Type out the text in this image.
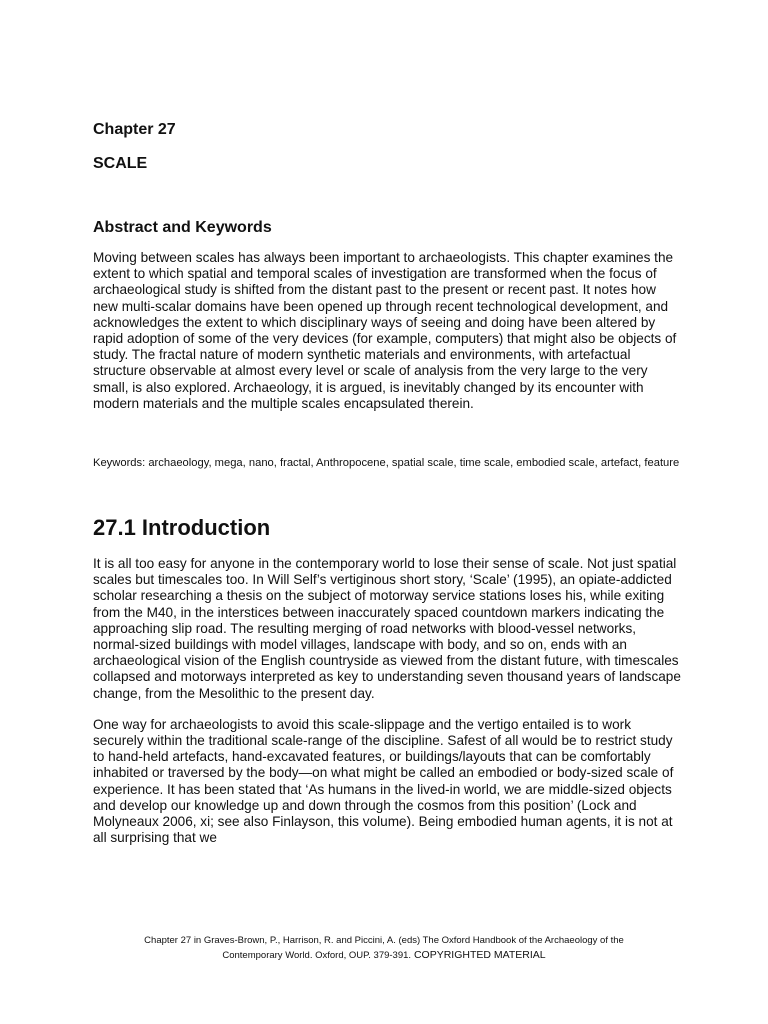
Chapter 27
SCALE
Abstract and Keywords

Moving between scales has always been important to archaeologists. This chapter examines the extent to which spatial and temporal scales of investigation are transformed when the focus of archaeological study is shifted from the distant past to the present or recent past. It notes how new multi-scalar domains have been opened up through recent technological development, and acknowledges the extent to which disciplinary ways of seeing and doing have been altered by rapid adoption of some of the very devices (for example, computers) that might also be objects of study. The fractal nature of modern synthetic materials and environments, with artefactual structure observable at almost every level or scale of analysis from the very large to the very small, is also explored. Archaeology, it is argued, is inevitably changed by its encounter with modern materials and the multiple scales encapsulated therein.

Keywords: archaeology, mega, nano, fractal, Anthropocene, spatial scale, time scale, embodied scale, artefact, feature

27.1 Introduction

It is all too easy for anyone in the contemporary world to lose their sense of scale. Not just spatial scales but timescales too. In Will Self’s vertiginous short story, ‘Scale’ (1995), an opiate-addicted scholar researching a thesis on the subject of motorway service stations loses his, while exiting from the M40, in the interstices between inaccurately spaced countdown markers indicating the approaching slip road. The resulting merging of road networks with blood-vessel networks, normal-sized buildings with model villages, landscape with body, and so on, ends with an archaeological vision of the English countryside as viewed from the distant future, with timescales collapsed and motorways interpreted as key to understanding seven thousand years of landscape change, from the Mesolithic to the present day.

One way for archaeologists to avoid this scale-slippage and the vertigo entailed is to work securely within the traditional scale-range of the discipline. Safest of all would be to restrict study to hand-held artefacts, hand-excavated features, or buildings/layouts that can be comfortably inhabited or traversed by the body—on what might be called an embodied or body-sized scale of experience. It has been stated that ‘As humans in the lived-in world, we are middle-sized objects and develop our knowledge up and down through the cosmos from this position’ (Lock and Molyneaux 2006, xi; see also Finlayson, this volume). Being embodied human agents, it is not at all surprising that we

Chapter 27 in Graves-Brown, P., Harrison, R. and Piccini, A. (eds) The Oxford Handbook of the Archaeology of the
Contemporary World. Oxford, OUP. 379-391. COPYRIGHTED MATERIAL
